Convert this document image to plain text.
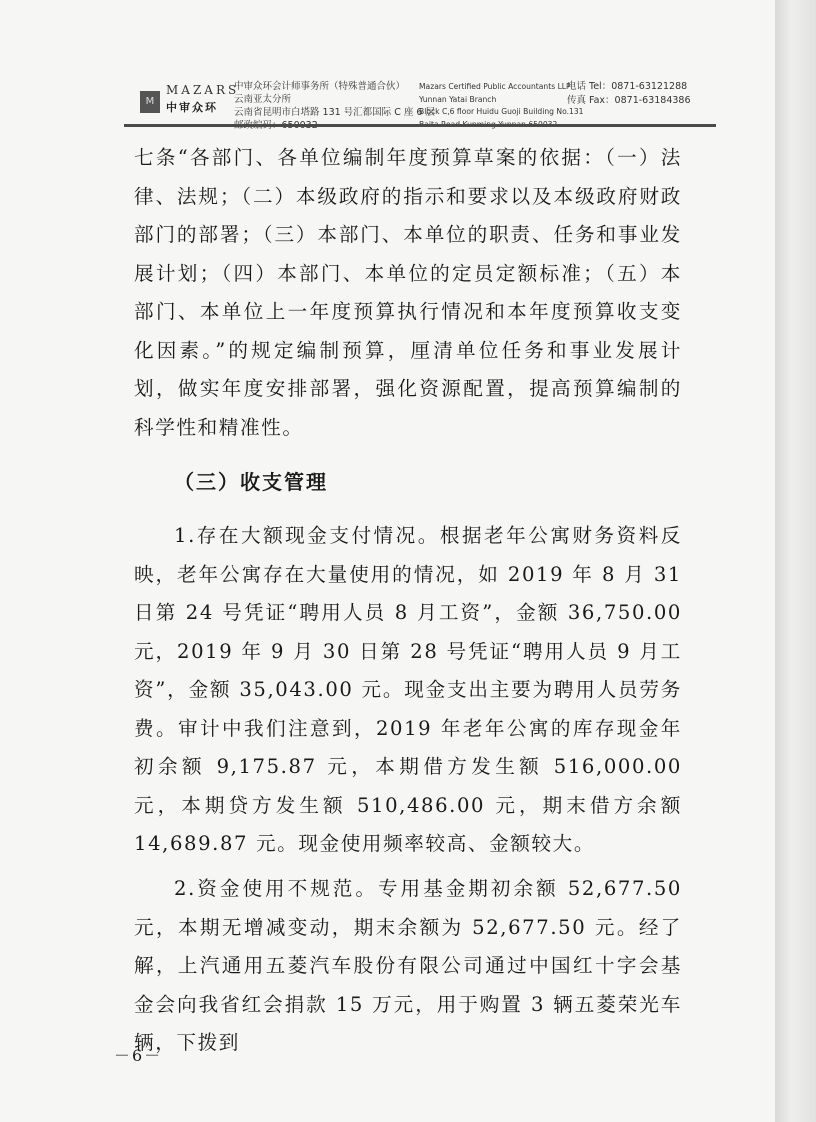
M
MAZARS
中审众环
中审众环会计师事务所（特殊普通合伙）
云南亚太分所
云南省昆明市白塔路 131 号汇都国际 C 座 6 层
Mazars Certified Public Accountants LLP
Yunnan Yatai Branch
Block C,6 floor Huidu Guoji Building No.131
电话 Tel：0871-63121288
传真 Fax：0871-63184386
七条“各部门、各单位编制年度预算草案的依据：（一）法律、法规；（二）本级政府的指示和要求以及本级政府财政部门的部署；（三）本部门、本单位的职责、任务和事业发展计划；（四）本部门、本单位的定员定额标准；（五）本部门、本单位上一年度预算执行情况和本年度预算收支变化因素。”的规定编制预算，厘清单位任务和事业发展计划，做实年度安排部署，强化资源配置，提高预算编制的科学性和精准性。
（三）收支管理
1.存在大额现金支付情况。根据老年公寓财务资料反映，老年公寓存在大量使用的情况，如 2019 年 8 月 31 日第 24 号凭证“聘用人员 8 月工资”，金额 36,750.00 元，2019 年 9 月 30 日第 28 号凭证“聘用人员 9 月工资”，金额 35,043.00 元。现金支出主要为聘用人员劳务费。审计中我们注意到，2019 年老年公寓的库存现金年初余额 9,175.87 元，本期借方发生额 516,000.00 元，本期贷方发生额 510,486.00 元，期末借方余额 14,689.87 元。现金使用频率较高、金额较大。
2.资金使用不规范。专用基金期初余额 52,677.50 元，本期无增减变动，期末余额为 52,677.50 元。经了解，上汽通用五菱汽车股份有限公司通过中国红十字会基金会向我省红会捐款 15 万元，用于购置 3 辆五菱荣光车辆，下拨到
－6－
